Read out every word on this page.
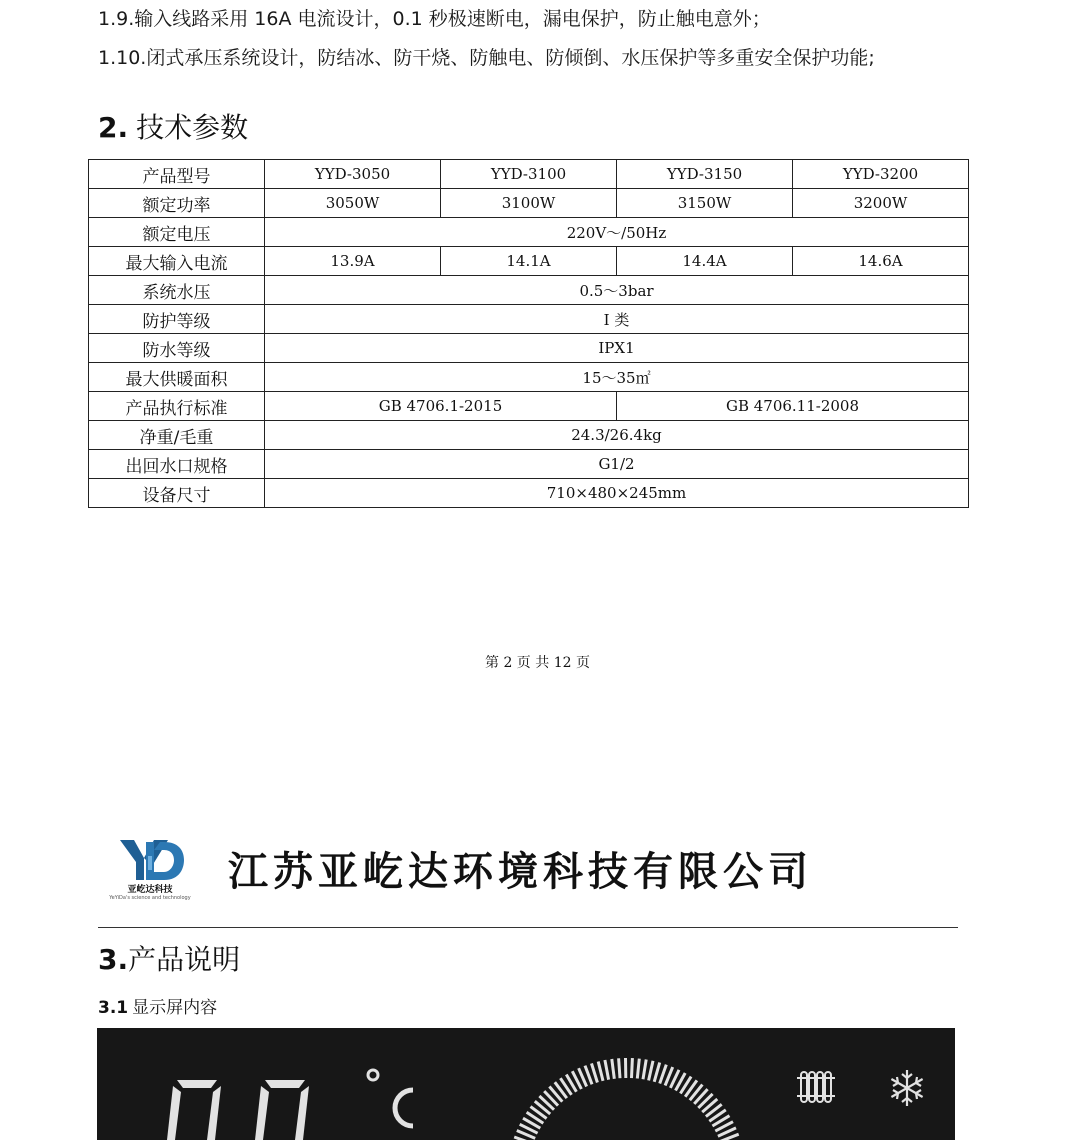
1.9.输入线路采用 16A 电流设计，0.1 秒极速断电，漏电保护，防止触电意外；
1.10.闭式承压系统设计，防结冰、防干烧、防触电、防倾倒、水压保护等多重安全保护功能;
2. 技术参数
产品型号	YYD-3050	YYD-3100	YYD-3150	YYD-3200
额定功率	3050W	3100W	3150W	3200W
额定电压	220V～/50Hz			
最大输入电流	13.9A	14.1A	14.4A	14.6A
系统水压	0.5～3bar			
防护等级	I 类			
防水等级	IPX1			
最大供暖面积	15～35㎡			
产品执行标准	GB 4706.1-2015		GB 4706.11-2008	
净重/毛重	24.3/26.4kg			
出回水口规格	G1/2			
设备尺寸	710×480×245mm			
第 2 页 共 12 页
亚屹达科技
YeYiDa's science and technology
江苏亚屹达环境科技有限公司
3.产品说明
3.1 显示屏内容
